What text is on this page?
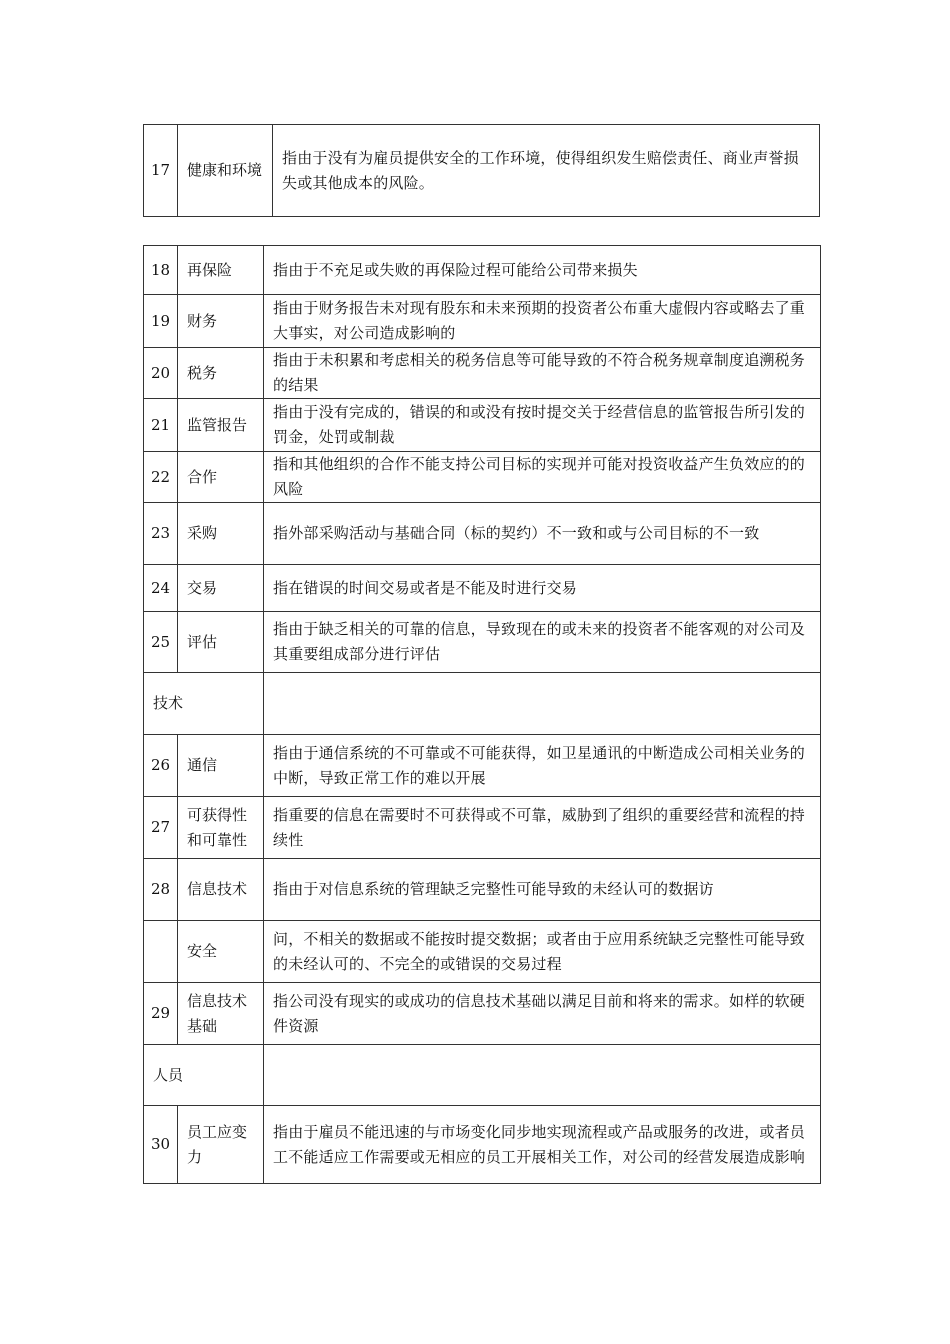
17	健康和环境	指由于没有为雇员提供安全的工作环境，使得组织发生赔偿责任、商业声誉损失或其他成本的风险。
18	再保险	指由于不充足或失败的再保险过程可能给公司带来损失
19	财务	指由于财务报告未对现有股东和未来预期的投资者公布重大虚假内容或略去了重大事实，对公司造成影响的
20	税务	指由于未积累和考虑相关的税务信息等可能导致的不符合税务规章制度追溯税务的结果
21	监管报告	指由于没有完成的，错误的和或没有按时提交关于经营信息的监管报告所引发的罚金，处罚或制裁
22	合作	指和其他组织的合作不能支持公司目标的实现并可能对投资收益产生负效应的的风险
23	采购	指外部采购活动与基础合同（标的契约）不一致和或与公司目标的不一致
24	交易	指在错误的时间交易或者是不能及时进行交易
25	评估	指由于缺乏相关的可靠的信息，导致现在的或未来的投资者不能客观的对公司及其重要组成部分进行评估
技术		
26	通信	指由于通信系统的不可靠或不可能获得，如卫星通讯的中断造成公司相关业务的中断，导致正常工作的难以开展
27	可获得性和可靠性	指重要的信息在需要时不可获得或不可靠，威胁到了组织的重要经营和流程的持续性
28	信息技术	指由于对信息系统的管理缺乏完整性可能导致的未经认可的数据访
	安全	问，不相关的数据或不能按时提交数据；或者由于应用系统缺乏完整性可能导致的未经认可的、不完全的或错误的交易过程
29	信息技术基础	指公司没有现实的或成功的信息技术基础以满足目前和将来的需求。如样的软硬件资源
人员		
30	员工应变力	指由于雇员不能迅速的与市场变化同步地实现流程或产品或服务的改进，或者员工不能适应工作需要或无相应的员工开展相关工作，对公司的经营发展造成影响
